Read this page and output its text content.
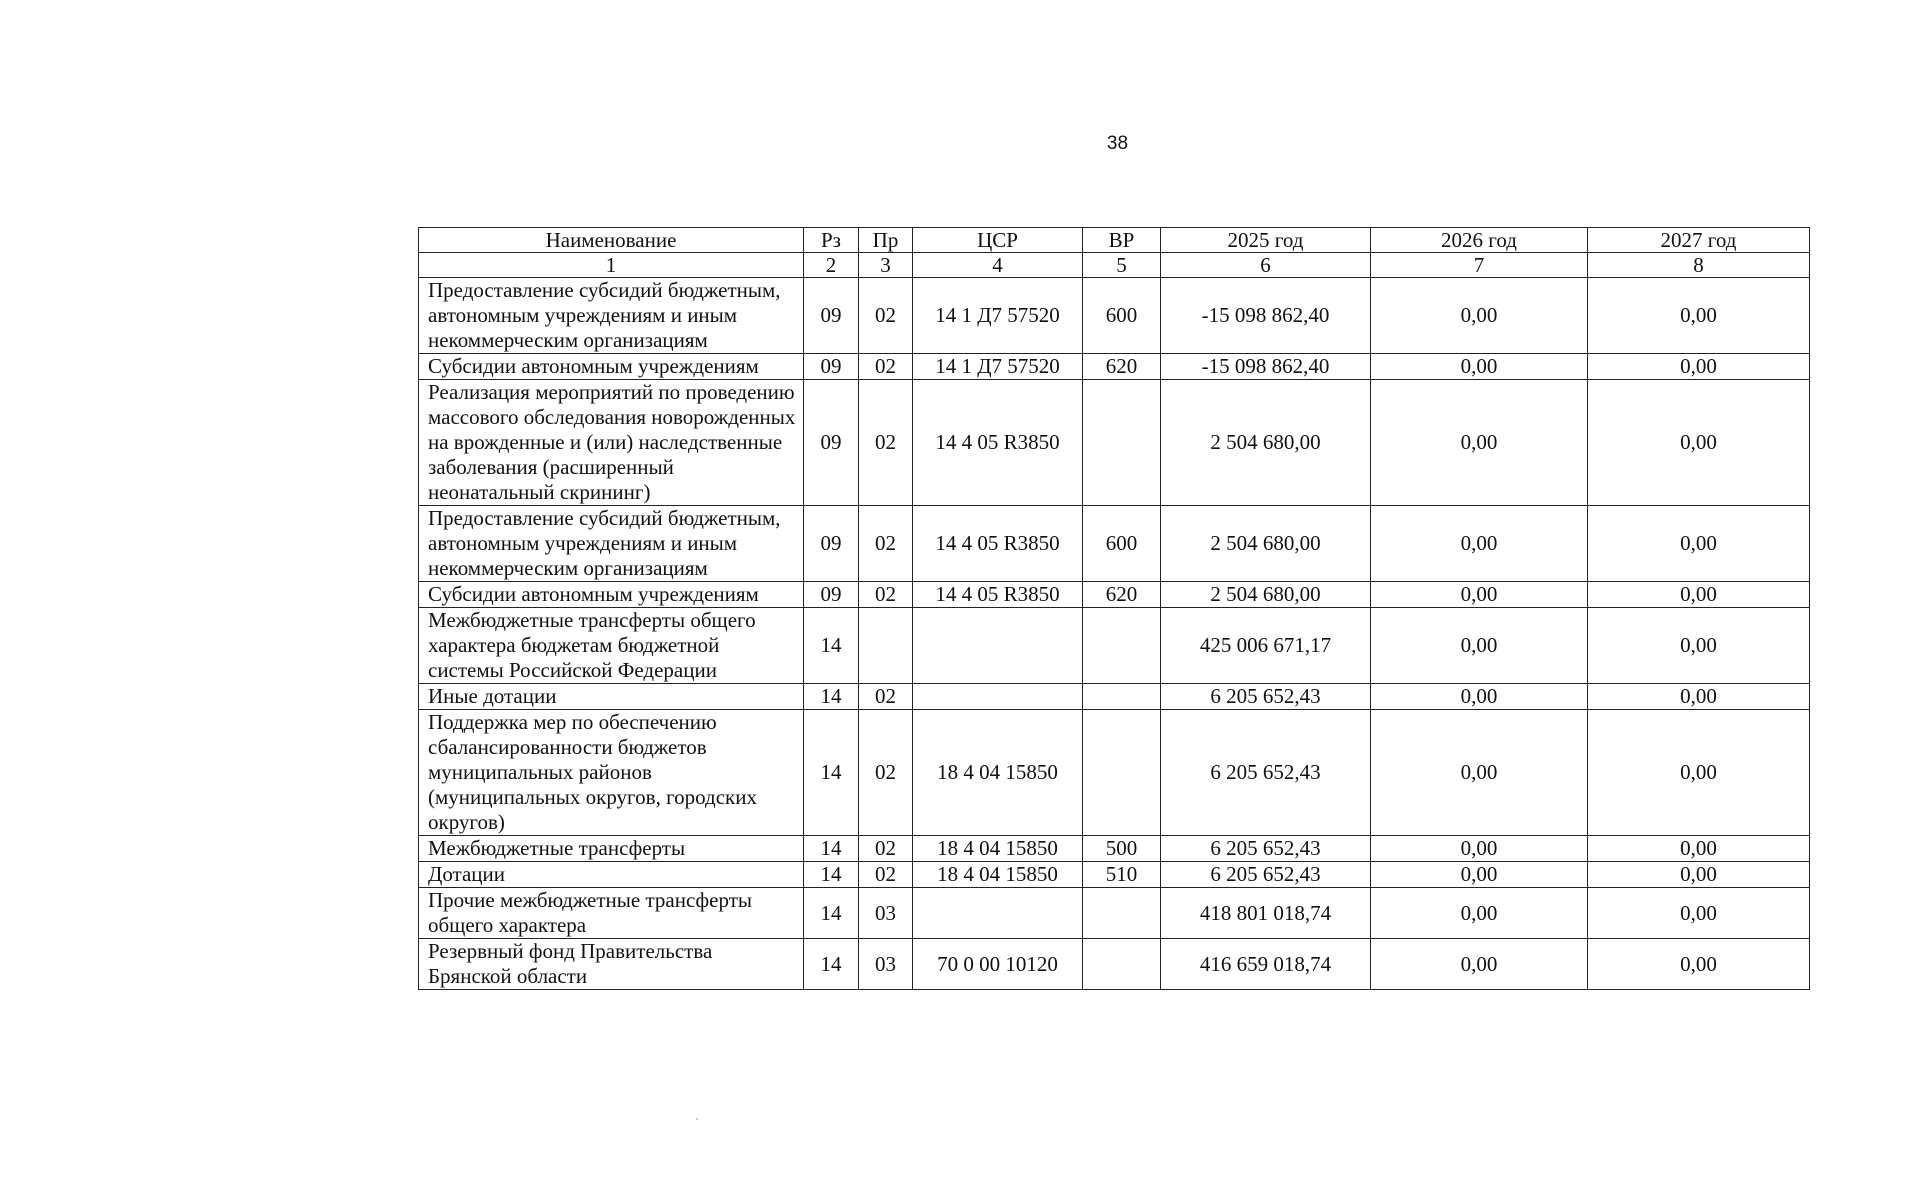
38
Наименование	Рз	Пр	ЦСР	ВР	2025 год	2026 год	2027 год
1	2	3	4	5	6	7	8
Предоставление субсидий бюджетным, автономным учреждениям и иным некоммерческим организациям	09	02	14 1 Д7 57520	600	-15 098 862,40	0,00	0,00
Субсидии автономным учреждениям	09	02	14 1 Д7 57520	620	-15 098 862,40	0,00	0,00
Реализация мероприятий по проведению массового обследования новорожденных на врожденные и (или) наследственные заболевания (расширенный неонатальный скрининг)	09	02	14 4 05 R3850		2 504 680,00	0,00	0,00
Предоставление субсидий бюджетным, автономным учреждениям и иным некоммерческим организациям	09	02	14 4 05 R3850	600	2 504 680,00	0,00	0,00
Субсидии автономным учреждениям	09	02	14 4 05 R3850	620	2 504 680,00	0,00	0,00
Межбюджетные трансферты общего характера бюджетам бюджетной системы Российской Федерации	14				425 006 671,17	0,00	0,00
Иные дотации	14	02			6 205 652,43	0,00	0,00
Поддержка мер по обеспечению сбалансированности бюджетов муниципальных районов (муниципальных округов, городских округов)	14	02	18 4 04 15850		6 205 652,43	0,00	0,00
Межбюджетные трансферты	14	02	18 4 04 15850	500	6 205 652,43	0,00	0,00
Дотации	14	02	18 4 04 15850	510	6 205 652,43	0,00	0,00
Прочие межбюджетные трансферты общего характера	14	03			418 801 018,74	0,00	0,00
Резервный фонд Правительства Брянской области	14	03	70 0 00 10120		416 659 018,74	0,00	0,00
